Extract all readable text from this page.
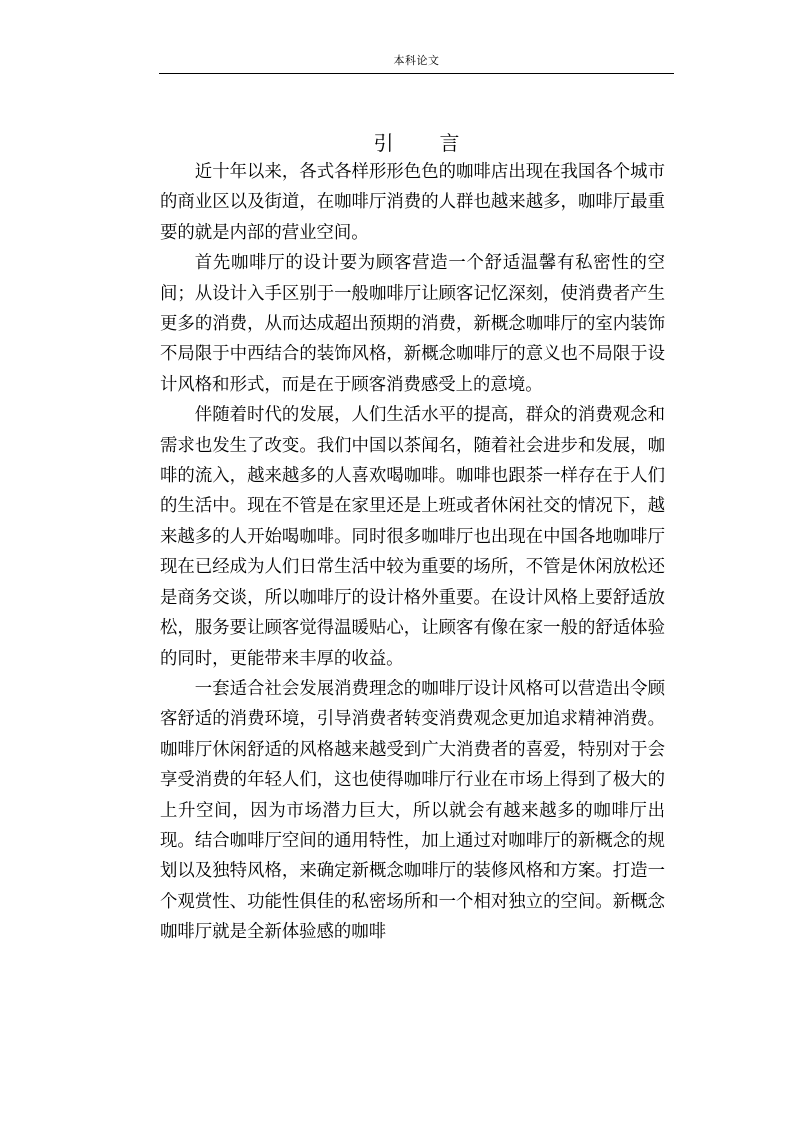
本科论文
引 言

近十年以来，各式各样形形色色的咖啡店出现在我国各个城市的商业区以及街道，在咖啡厅消费的人群也越来越多，咖啡厅最重要的就是内部的营业空间。

首先咖啡厅的设计要为顾客营造一个舒适温馨有私密性的空间；从设计入手区别于一般咖啡厅让顾客记忆深刻，使消费者产生更多的消费，从而达成超出预期的消费，新概念咖啡厅的室内装饰不局限于中西结合的装饰风格，新概念咖啡厅的意义也不局限于设计风格和形式，而是在于顾客消费感受上的意境。

伴随着时代的发展，人们生活水平的提高，群众的消费观念和需求也发生了改变。我们中国以茶闻名，随着社会进步和发展，咖啡的流入，越来越多的人喜欢喝咖啡。咖啡也跟茶一样存在于人们的生活中。现在不管是在家里还是上班或者休闲社交的情况下，越来越多的人开始喝咖啡。同时很多咖啡厅也出现在中国各地咖啡厅现在已经成为人们日常生活中较为重要的场所，不管是休闲放松还是商务交谈，所以咖啡厅的设计格外重要。在设计风格上要舒适放松，服务要让顾客觉得温暖贴心，让顾客有像在家一般的舒适体验的同时，更能带来丰厚的收益。

一套适合社会发展消费理念的咖啡厅设计风格可以营造出令顾客舒适的消费环境，引导消费者转变消费观念更加追求精神消费。咖啡厅休闲舒适的风格越来越受到广大消费者的喜爱，特别对于会享受消费的年轻人们，这也使得咖啡厅行业在市场上得到了极大的上升空间，因为市场潜力巨大，所以就会有越来越多的咖啡厅出现。结合咖啡厅空间的通用特性，加上通过对咖啡厅的新概念的规划以及独特风格，来确定新概念咖啡厅的装修风格和方案。打造一个观赏性、功能性俱佳的私密场所和一个相对独立的空间。新概念咖啡厅就是全新体验感的咖啡
